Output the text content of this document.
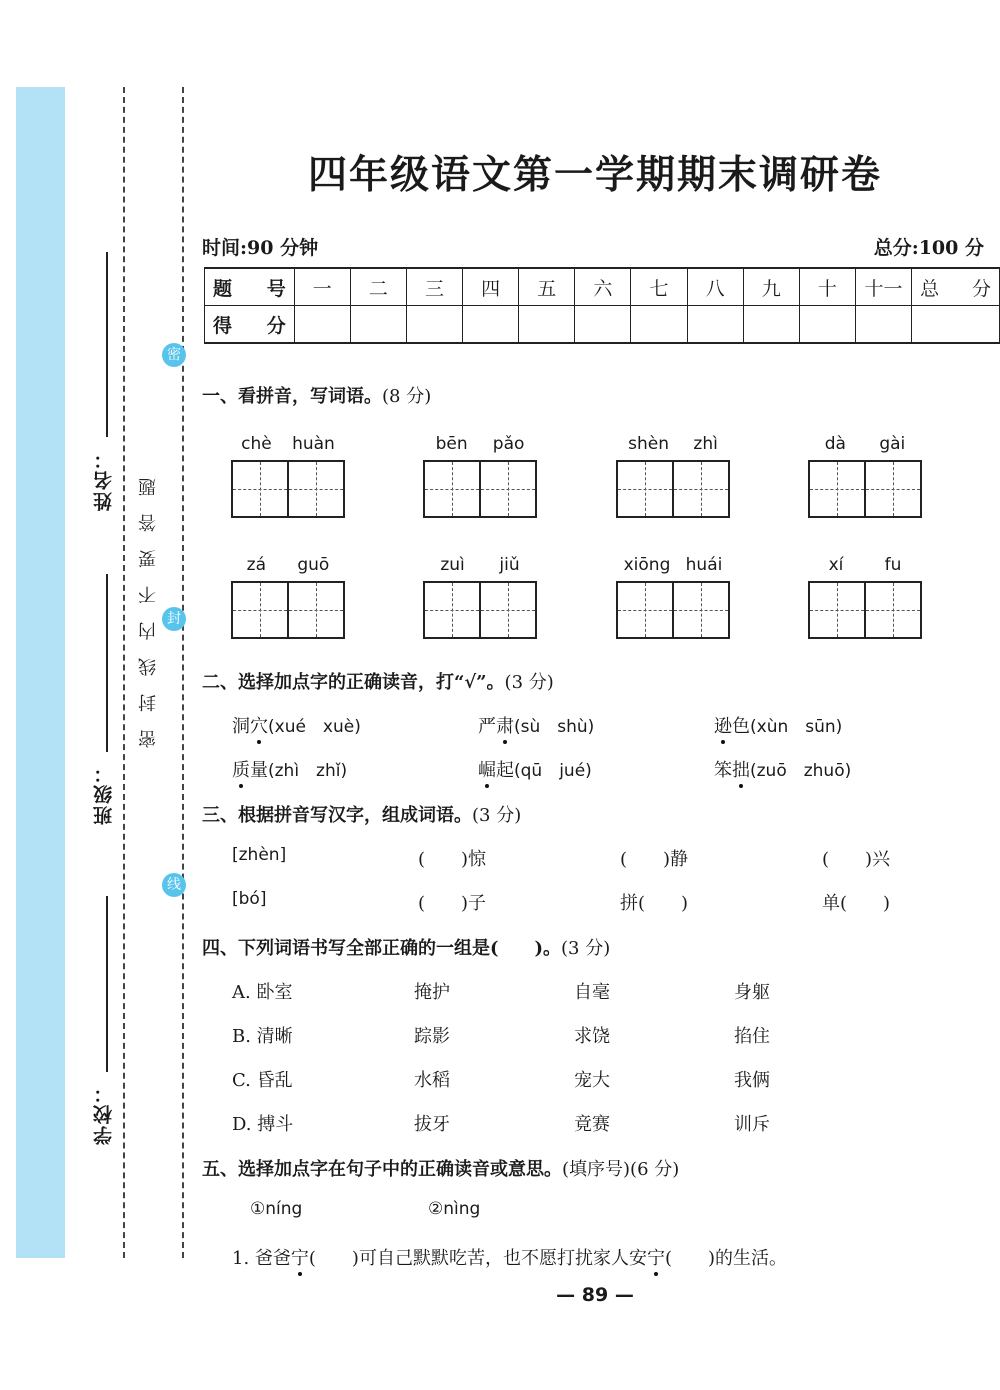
姓名：
班级：
学校：
密封线内不要答题
密
封
线
四年级语文第一学期期末调研卷
时间:90 分钟	总分:100 分
题 号	一	二	三	四	五	六	七	八	九	十	十一	总 分
得 分												
一、看拼音，写词语。(8 分)
chè huàn	bēn pǎo	shèn zhì	dà gài
zá guō	zuì jiǔ	xiōng huái	xí fu
二、选择加点字的正确读音，打“√”。(3 分)
洞穴(xué　xuè)	严肃(sù　shù)	逊色(xùn　sūn)
质量(zhì　zhǐ)	崛起(qū　jué)	笨拙(zuō　zhuō)
三、根据拼音写汉字，组成词语。(3 分)
[zhèn]	(　　)惊	(　　)静	(　　)兴
[bó]	(　　)子	拼(　　)	单(　　)
四、下列词语书写全部正确的一组是(　　)。(3 分)
A. 卧室	掩护	自毫	身躯
B. 清晰	踪影	求饶	掐住
C. 昏乱	水稻	宠大	我俩
D. 搏斗	拔牙	竟赛	训斥
五、选择加点字在句子中的正确读音或意思。(填序号)(6 分)
①níng	②nìng
1. 爸爸宁(　　)可自己默默吃苦，也不愿打扰家人安宁(　　)的生活。
— 89 —
